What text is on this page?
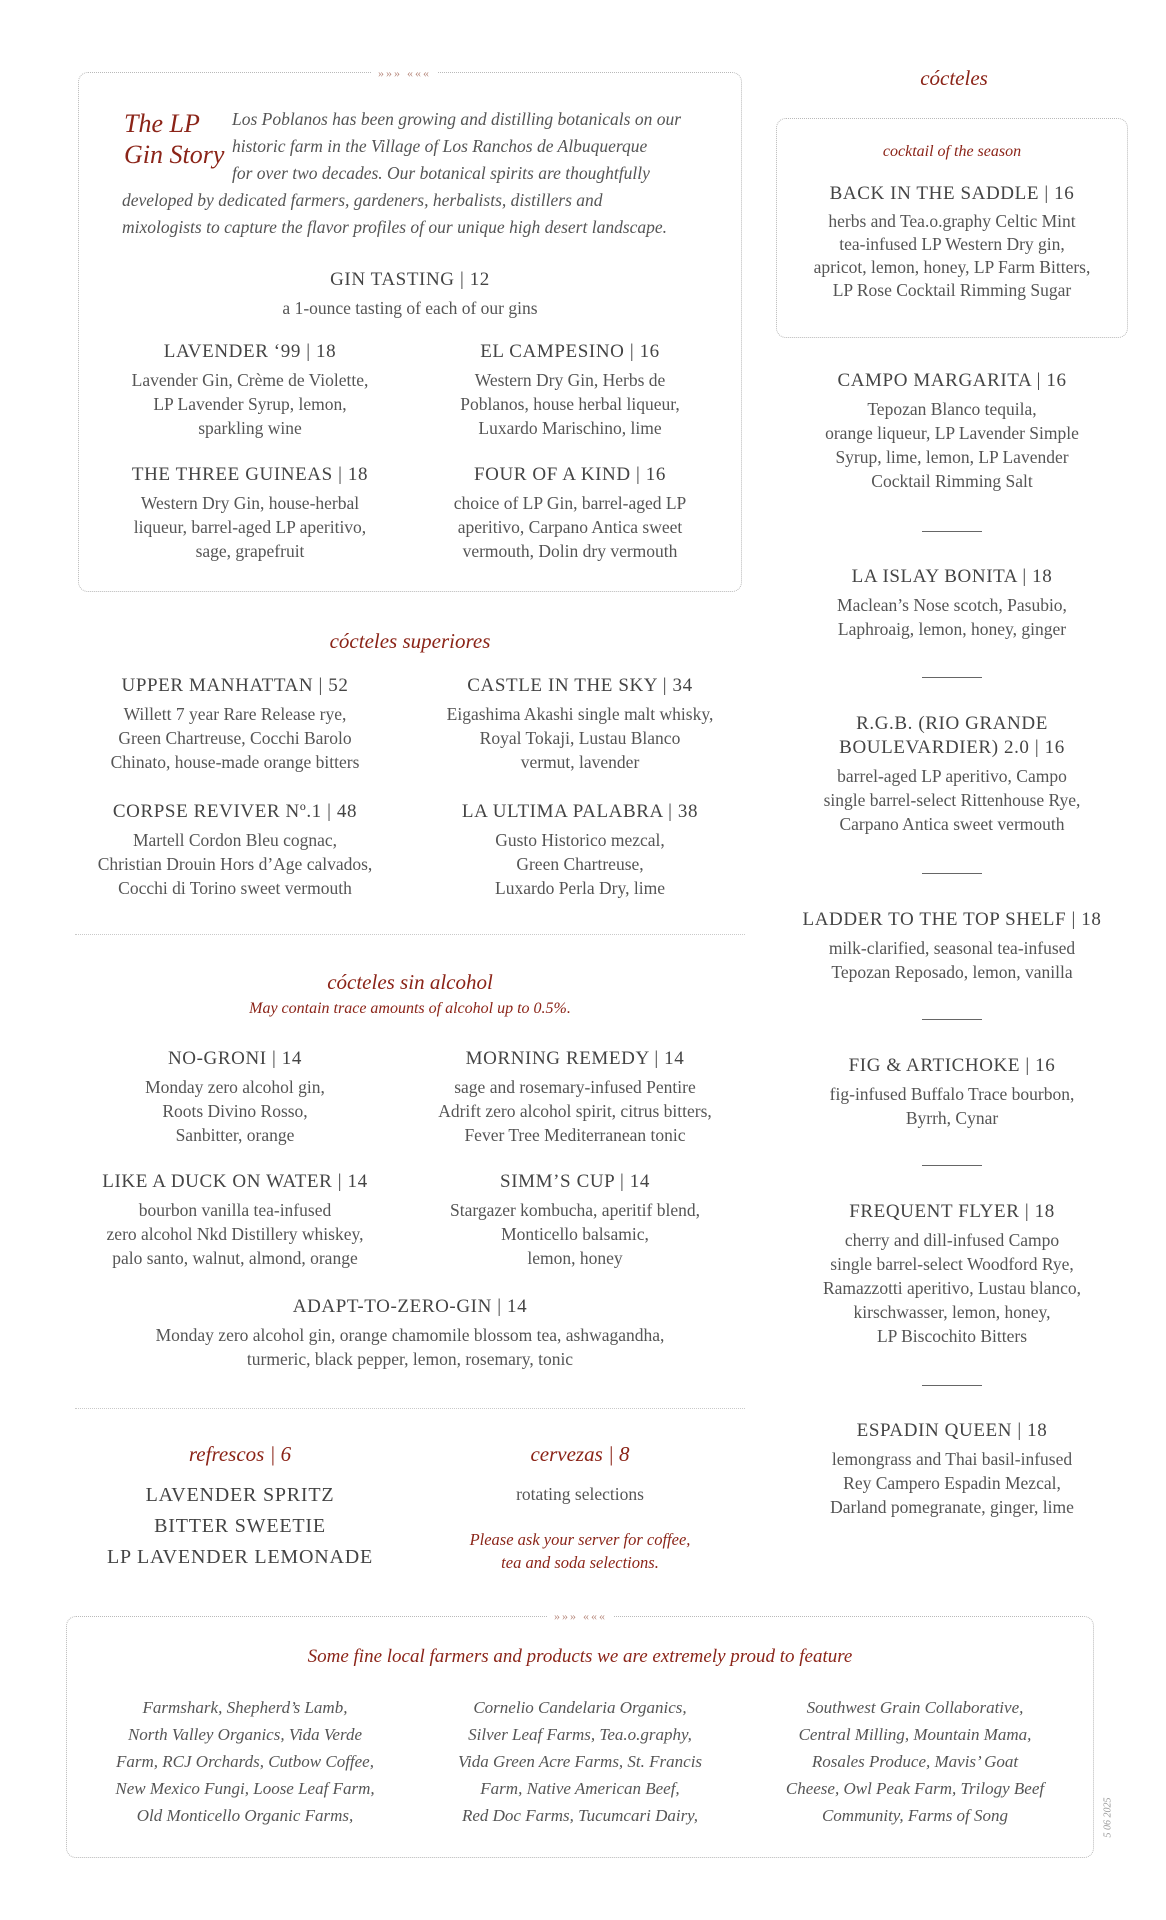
»»» «««
The LP
Gin Story
Los Poblanos has been growing and distilling botanicals on our
historic farm in the Village of Los Ranchos de Albuquerque
for over two decades. Our botanical spirits are thoughtfully
developed by dedicated farmers, gardeners, herbalists, distillers and
mixologists to capture the flavor profiles of our unique high desert landscape.
GIN TASTING | 12
a 1-ounce tasting of each of our gins
LAVENDER ‘99 | 18
Lavender Gin, Crème de Violette,
LP Lavender Syrup, lemon,
sparkling wine
EL CAMPESINO | 16
Western Dry Gin, Herbs de
Poblanos, house herbal liqueur,
Luxardo Marischino, lime
THE THREE GUINEAS | 18
Western Dry Gin, house-herbal
liqueur, barrel-aged LP aperitivo,
sage, grapefruit
FOUR OF A KIND | 16
choice of LP Gin, barrel-aged LP
aperitivo, Carpano Antica sweet
vermouth, Dolin dry vermouth
cócteles superiores
UPPER MANHATTAN | 52
Willett 7 year Rare Release rye,
Green Chartreuse, Cocchi Barolo
Chinato, house-made orange bitters
CASTLE IN THE SKY | 34
Eigashima Akashi single malt whisky,
Royal Tokaji, Lustau Blanco
vermut, lavender
CORPSE REVIVER Nº.1 | 48
Martell Cordon Bleu cognac,
Christian Drouin Hors d’Age calvados,
Cocchi di Torino sweet vermouth
LA ULTIMA PALABRA | 38
Gusto Historico mezcal,
Green Chartreuse,
Luxardo Perla Dry, lime
cócteles sin alcohol
May contain trace amounts of alcohol up to 0.5%.
NO-GRONI | 14
Monday zero alcohol gin,
Roots Divino Rosso,
Sanbitter, orange
MORNING REMEDY | 14
sage and rosemary-infused Pentire
Adrift zero alcohol spirit, citrus bitters,
Fever Tree Mediterranean tonic
LIKE A DUCK ON WATER | 14
bourbon vanilla tea-infused
zero alcohol Nkd Distillery whiskey,
palo santo, walnut, almond, orange
SIMM’S CUP | 14
Stargazer kombucha, aperitif blend,
Monticello balsamic,
lemon, honey
ADAPT-TO-ZERO-GIN | 14
Monday zero alcohol gin, orange chamomile blossom tea, ashwagandha,
turmeric, black pepper, lemon, rosemary, tonic
refrescos | 6
LAVENDER SPRITZ
BITTER SWEETIE
LP LAVENDER LEMONADE
cervezas | 8
rotating selections
Please ask your server for coffee,
tea and soda selections.
cócteles
cocktail of the season
BACK IN THE SADDLE | 16
herbs and Tea.o.graphy Celtic Mint
tea-infused LP Western Dry gin,
apricot, lemon, honey, LP Farm Bitters,
LP Rose Cocktail Rimming Sugar
CAMPO MARGARITA | 16
Tepozan Blanco tequila,
orange liqueur, LP Lavender Simple
Syrup, lime, lemon, LP Lavender
Cocktail Rimming Salt
LA ISLAY BONITA | 18
Maclean’s Nose scotch, Pasubio,
Laphroaig, lemon, honey, ginger
R.G.B. (RIO GRANDE
BOULEVARDIER) 2.0 | 16
barrel-aged LP aperitivo, Campo
single barrel-select Rittenhouse Rye,
Carpano Antica sweet vermouth
LADDER TO THE TOP SHELF | 18
milk-clarified, seasonal tea-infused
Tepozan Reposado, lemon, vanilla
FIG & ARTICHOKE | 16
fig-infused Buffalo Trace bourbon,
Byrrh, Cynar
FREQUENT FLYER | 18
cherry and dill-infused Campo
single barrel-select Woodford Rye,
Ramazzotti aperitivo, Lustau blanco,
kirschwasser, lemon, honey,
LP Biscochito Bitters
ESPADIN QUEEN | 18
lemongrass and Thai basil-infused
Rey Campero Espadin Mezcal,
Darland pomegranate, ginger, lime
»»» «««
Some fine local farmers and products we are extremely proud to feature
Farmshark, Shepherd’s Lamb,
North Valley Organics, Vida Verde
Farm, RCJ Orchards, Cutbow Coffee,
New Mexico Fungi, Loose Leaf Farm,
Old Monticello Organic Farms,
Cornelio Candelaria Organics,
Silver Leaf Farms, Tea.o.graphy,
Vida Green Acre Farms, St. Francis
Farm, Native American Beef,
Red Doc Farms, Tucumcari Dairy,
Southwest Grain Collaborative,
Central Milling, Mountain Mama,
Rosales Produce, Mavis’ Goat
Cheese, Owl Peak Farm, Trilogy Beef
Community, Farms of Song	5 06 2025
